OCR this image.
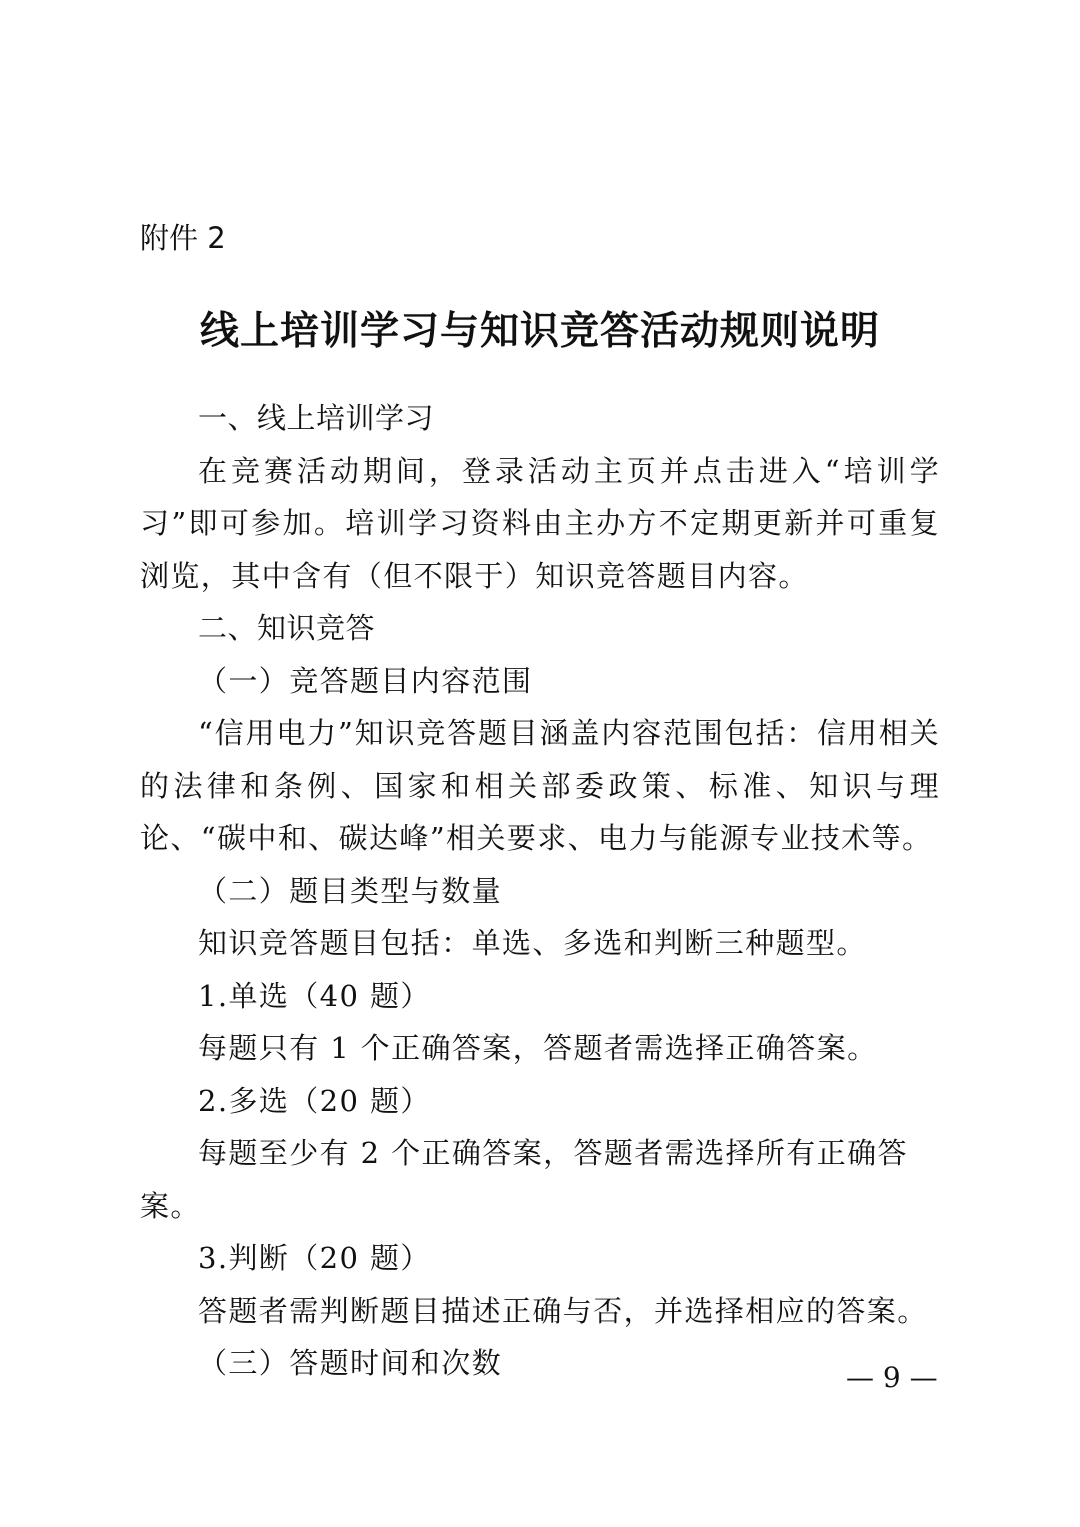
附件 2
线上培训学习与知识竞答活动规则说明

一、线上培训学习

在竞赛活动期间，登录活动主页并点击进入“培训学习”即可参加。培训学习资料由主办方不定期更新并可重复浏览，其中含有（但不限于）知识竞答题目内容。

二、知识竞答

（一）竞答题目内容范围

“信用电力”知识竞答题目涵盖内容范围包括：信用相关的法律和条例、国家和相关部委政策、标准、知识与理论、“碳中和、碳达峰”相关要求、电力与能源专业技术等。

（二）题目类型与数量

知识竞答题目包括：单选、多选和判断三种题型。

1.单选（40 题）

每题只有 1 个正确答案，答题者需选择正确答案。

2.多选（20 题）

每题至少有 2 个正确答案，答题者需选择所有正确答案。

3.判断（20 题）

答题者需判断题目描述正确与否，并选择相应的答案。

（三）答题时间和次数	— 9 —
